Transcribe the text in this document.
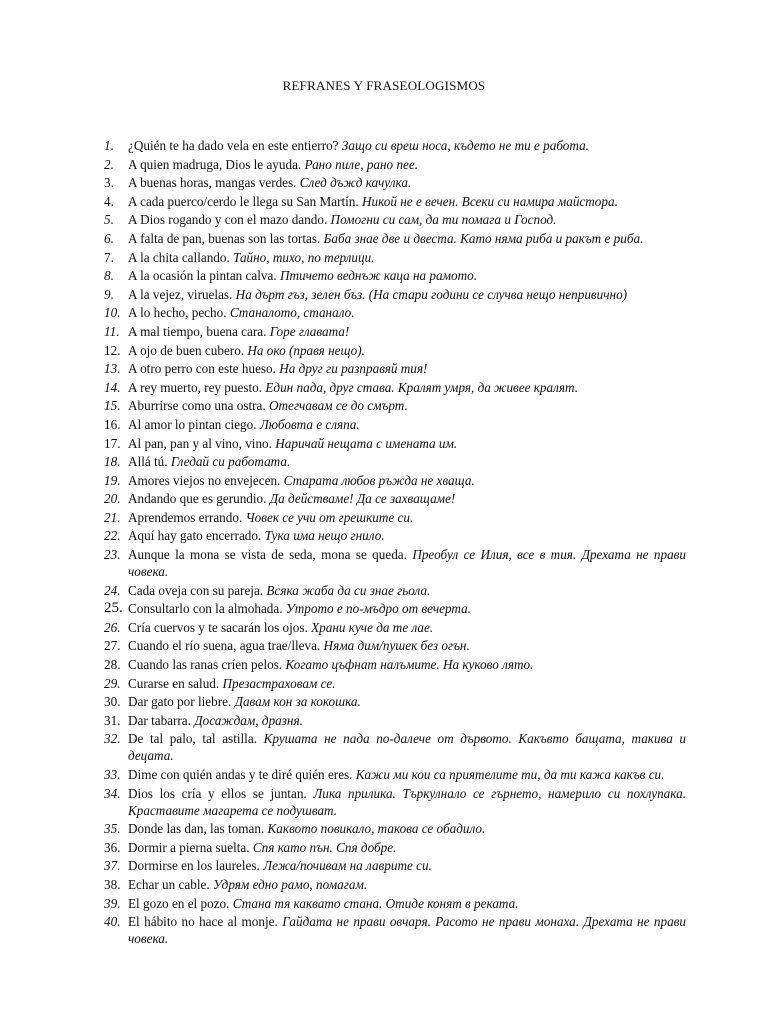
REFRANES Y FRASEOLOGISMOS
1.	¿Quién te ha dado vela en este entierro? Защо си вреш носа, където не ти е работа.
2.	A quien madruga, Dios le ayuda. Рано пиле, рано пее.
3.	A buenas horas, mangas verdes. След дъжд качулка.
4.	A cada puerco/cerdo le llega su San Martín. Никой не е вечен. Всеки си намира майстора.
5.	A Dios rogando y con el mazo dando. Помогни си сам, да ти помага и Господ.
6.	A falta de pan, buenas son las tortas. Баба знае две и двеста. Като няма риба и ракът е риба.
7.	A la chita callando. Тайно, тихо, по терлици.
8.	A la ocasión la pintan calva. Птичето веднъж каца на рамото.
9.	A la vejez, viruelas. На дърт гъз, зелен бъз. (На стари години се случва нещо непривично)
10. A lo hecho, pecho. Станалото, станало.
11. A mal tiempo, buena cara. Горе главата!
12. A ojo de buen cubero. На око (правя нещо).
13. A otro perro con este hueso. На друг ги разправяй тия!
14. A rey muerto, rey puesto. Един пада, друг става. Кралят умря, да живее кралят.
15. Aburrirse como una ostra. Отегчавам се до смърт.
16. Al amor lo pintan ciego. Любовта е сляпа.
17. Al pan, pan y al vino, vino. Наричай нещата с имената им.
18. Allá tú. Гледай си работата.
19. Amores viejos no envejecen. Старата любов ръжда не хваща.
20. Andando que es gerundio. Да действаме! Да се захващаме!
21. Aprendemos errando. Човек се учи от грешките си.
22. Aquí hay gato encerrado. Тука има нещо гнило.
23. Aunque la mona se vista de seda, mona se queda. Преобул се Илия, все в тия. Дрехата не прави човека.
24. Cada oveja con su pareja. Всяка жаба да си знае гьола.
25. Consultarlo con la almohada. Утрото е по-мъдро от вечерта.
26. Cría cuervos y te sacarán los ojos. Храни куче да те лае.
27. Cuando el río suena, agua trae/lleva. Няма дим/пушек без огън.
28. Cuando las ranas críen pelos. Когато цъфнат налъмите. На куково лято.
29. Curarse en salud. Презастраховам се.
30. Dar gato por liebre. Давам кон за кокошка.
31. Dar tabarra. Досаждам, дразня.
32. De tal palo, tal astilla. Крушата не пада по-далече от дървото. Какъвто бащата, такива и децата.
33. Dime con quién andas y te diré quién eres. Кажи ми кои са приятелите ти, да ти кажа какъв си.
34. Dios los cría y ellos se juntan. Лика прилика. Търкулнало се гърнето, намерило си похлупака. Краставите магарета се подушват.
35. Donde las dan, las toman. Каквото повикало, такова се обадило.
36. Dormir a pierna suelta. Спя като пън. Спя добре.
37. Dormirse en los laureles. Лежа/почивам на лаврите си.
38. Echar un cable. Удрям едно рамо, помагам.
39. El gozo en el pozo. Стана тя каквато стана. Отиде конят в реката.
40. El hábito no hace al monje. Гайдата не прави овчаря. Расото не прави монаха. Дрехата не прави човека.
